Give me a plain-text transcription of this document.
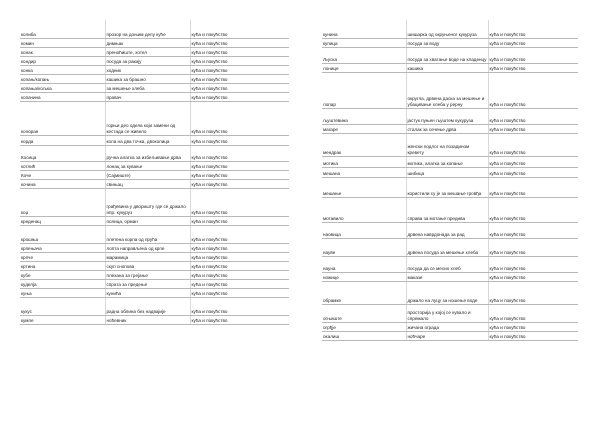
колиба	прозор на доњим делу куће	кућа и покућство
комин	димњак	кућа и покућство
конак	преноћиште, хотел	кућа и покућство
кондир	посуда за ракију	кућа и покућство
конка	ходник	кућа и покућство
копањ/копањ	кашика за брашно	кућа и покућство
копања/кољка	за мешење хлеба	кућа и покућство
копачина	правач	кућа и покућство
копоран	горњи део одела који замени од кестада се живело	кућа и покућство
корда	кола на два точка, двоколица	кућа и покућство
Косица	ручна алатка за избељивање дрва	кућа и покућство
котлић	лонац за кување	кућа и покућство
Коче	(Сајмиште)	кућа и покућство
кочина	свињац	кућа и покућство
коџ	грађевина у дворишту где се држало нпр. кукуруз	кућа и покућство
креденац	полица, орман	кућа и покућство
крошња	плетена корпа од прућа	кућа и покућство
крпењача	лопта направљена од крпе	кућа и покућство
крпче	марамица	кућа и покућство
кртина	скуп снопова	кућа и покућство
кубе	плехана за грејање	кућа и покућство
куделја	спрата за предење	кућа и покућство
куња	кунића	кућа и покућство
кукус	радна облина без надвајије	кућа и покућство
кумпе	ноћевник	кућа и покућство
кунина	шишарка од окруњеног кукуруза	кућа и покућство
купица	посуда за воду	кућа и покућство
Љуска	посуда за хватање воде на кладенцу	кућа и покућство
лонице	кашика	кућа и покућство
лопар	округла, дрвена даска за мешење и убацивање хлеба у рерну	кућа и покућство
љуштевина	јастук пуњен љуштем кукуруза	кућа и покућство
магарe	сталак за сечење дрва	кућа и покућство
мендрак	женски подлог на позадином кревету	кућа и покућство
мотика	мотика, алатка за копање	кућа и покућство
мешана	шибица	кућа и покућство
мешање	користили су је за мешање гровђа	кућа и покућство
мотавило	справа за мотање предива	кућа и покућство
наовица	дрвена наврдонада за рад	кућа и покућство
науве	дрвена посуда за мешење хлеба	кућа и покућство
науна	посуда да се месио хлеб	кућа и покућство
ножице	маказе	кућа и покућство
обрамке	држало на луцу за ношење воде	кућа и покућство
огњиште	просторија у којој се кувало и спремало	кућа и покућство
огрђје	жичана ограда	кућа и покућство
окалиш	ноћчаре	кућа и покућство
